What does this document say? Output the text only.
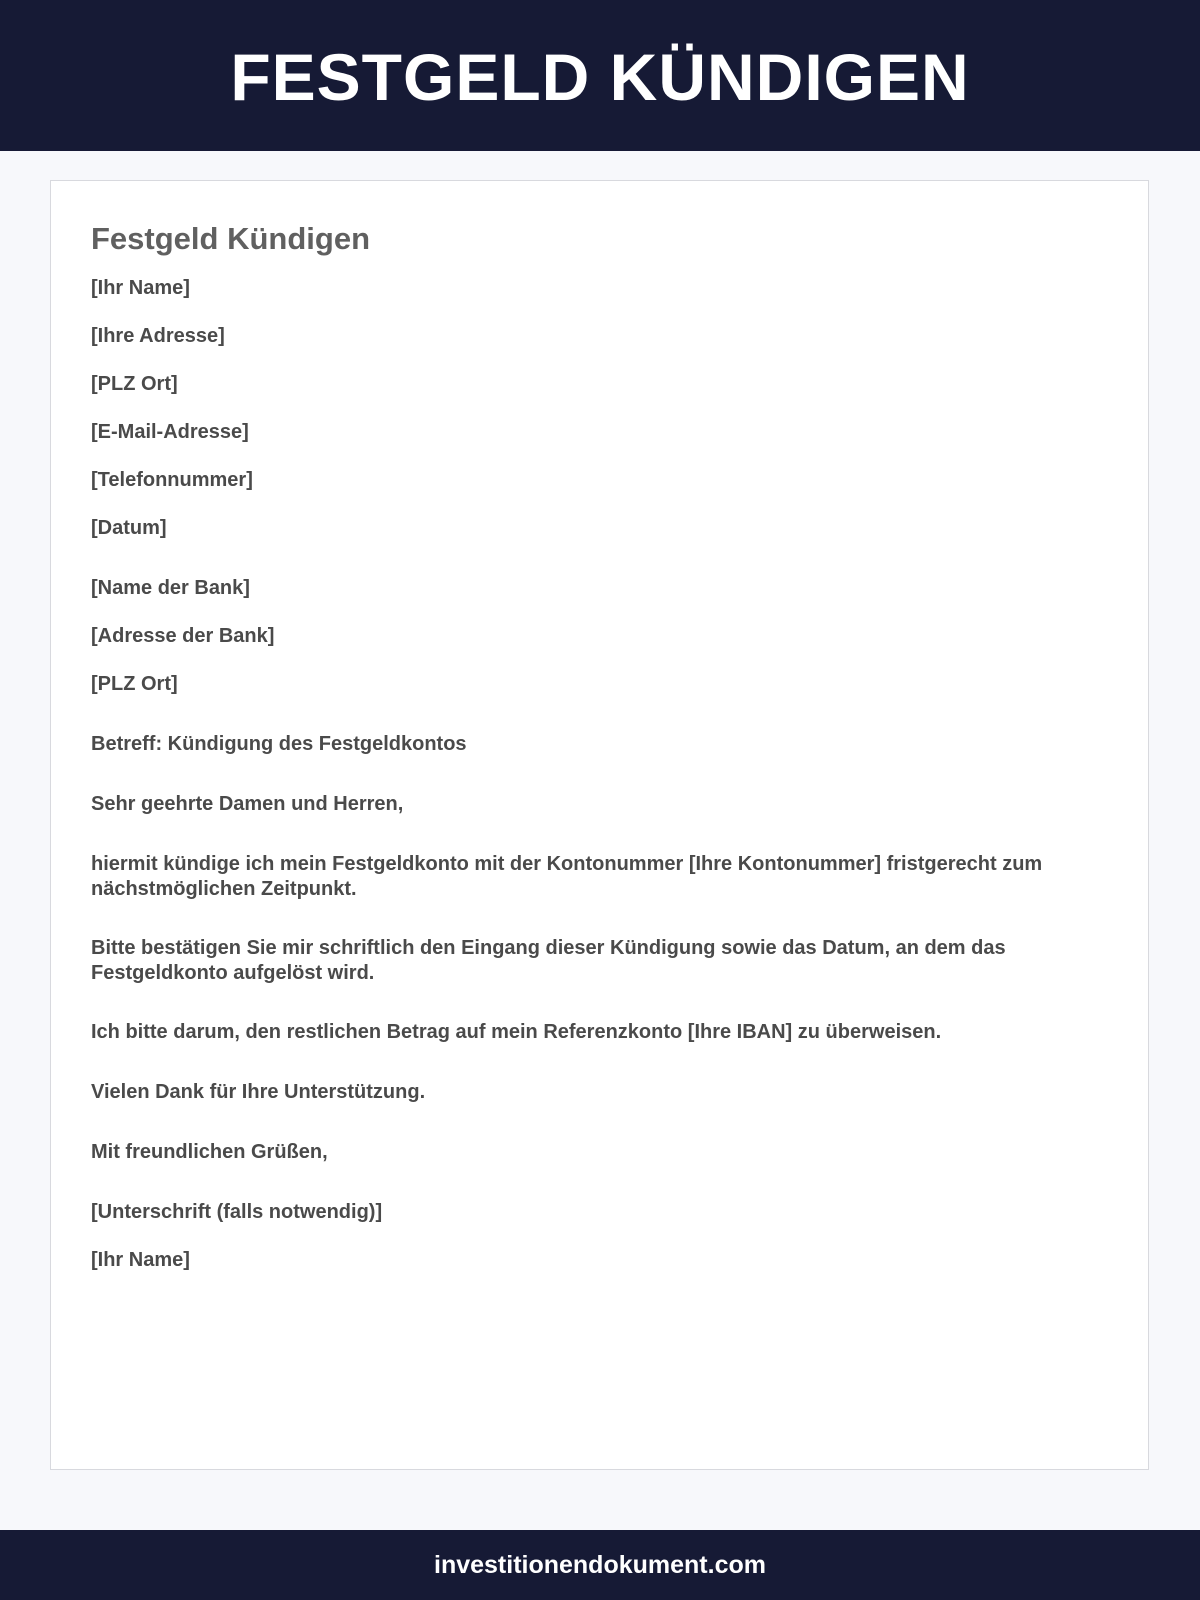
FESTGELD KÜNDIGEN
Festgeld Kündigen

[Ihr Name]

[Ihre Adresse]

[PLZ Ort]

[E-Mail-Adresse]

[Telefonnummer]

[Datum]

[Name der Bank]

[Adresse der Bank]

[PLZ Ort]

Betreff: Kündigung des Festgeldkontos

Sehr geehrte Damen und Herren,

hiermit kündige ich mein Festgeldkonto mit der Kontonummer [Ihre Kontonummer] fristgerecht zum nächstmöglichen Zeitpunkt.

Bitte bestätigen Sie mir schriftlich den Eingang dieser Kündigung sowie das Datum, an dem das Festgeldkonto aufgelöst wird.

Ich bitte darum, den restlichen Betrag auf mein Referenzkonto [Ihre IBAN] zu überweisen.

Vielen Dank für Ihre Unterstützung.

Mit freundlichen Grüßen,

[Unterschrift (falls notwendig)]

[Ihr Name]

investitionendokument.com
